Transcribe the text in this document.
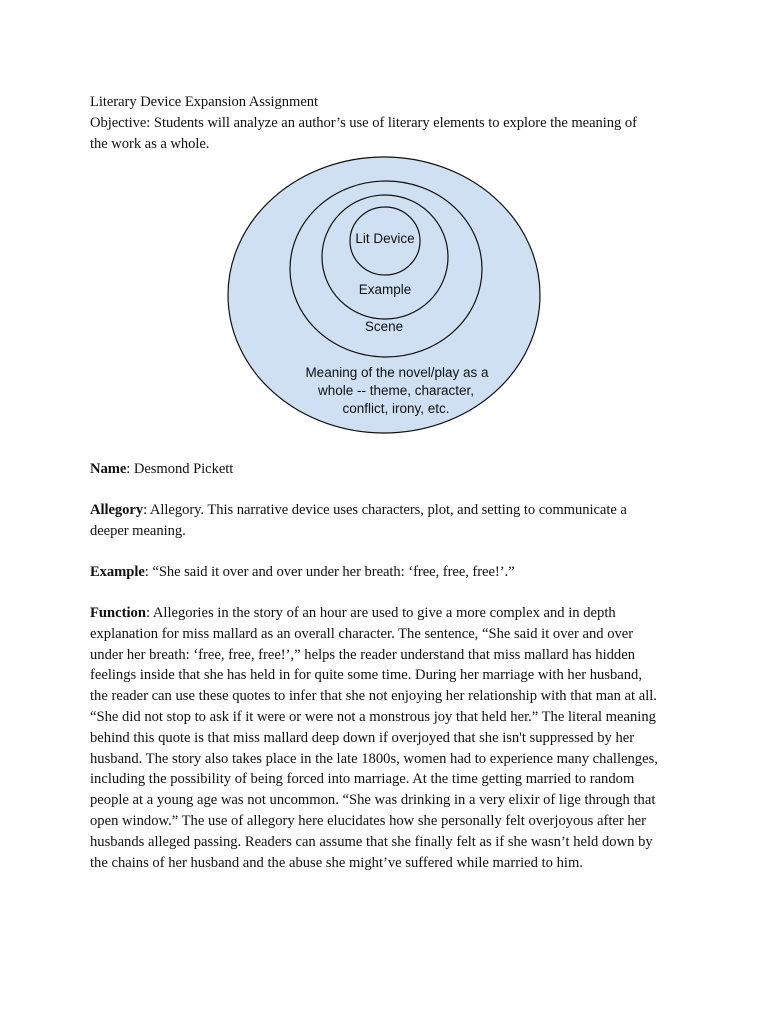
Literary Device Expansion Assignment
Objective: Students will analyze an author’s use of literary elements to explore the meaning of
the work as a whole.
Lit Device
Example
Scene
Meaning of the novel/play as a
whole -- theme, character,
conflict, irony, etc.
Name: Desmond Pickett
Allegory: Allegory. This narrative device uses characters, plot, and setting to communicate a
deeper meaning.
Example: “She said it over and over under her breath: ‘free, free, free!’.”
Function: Allegories in the story of an hour are used to give a more complex and in depth
explanation for miss mallard as an overall character. The sentence, “She said it over and over
under her breath: ‘free, free, free!’,” helps the reader understand that miss mallard has hidden
feelings inside that she has held in for quite some time. During her marriage with her husband,
the reader can use these quotes to infer that she not enjoying her relationship with that man at all.
“She did not stop to ask if it were or were not a monstrous joy that held her.” The literal meaning
behind this quote is that miss mallard deep down if overjoyed that she isn't suppressed by her
husband. The story also takes place in the late 1800s, women had to experience many challenges,
including the possibility of being forced into marriage. At the time getting married to random
people at a young age was not uncommon. “She was drinking in a very elixir of lige through that
open window.” The use of allegory here elucidates how she personally felt overjoyous after her
husbands alleged passing. Readers can assume that she finally felt as if she wasn’t held down by
the chains of her husband and the abuse she might’ve suffered while married to him.
